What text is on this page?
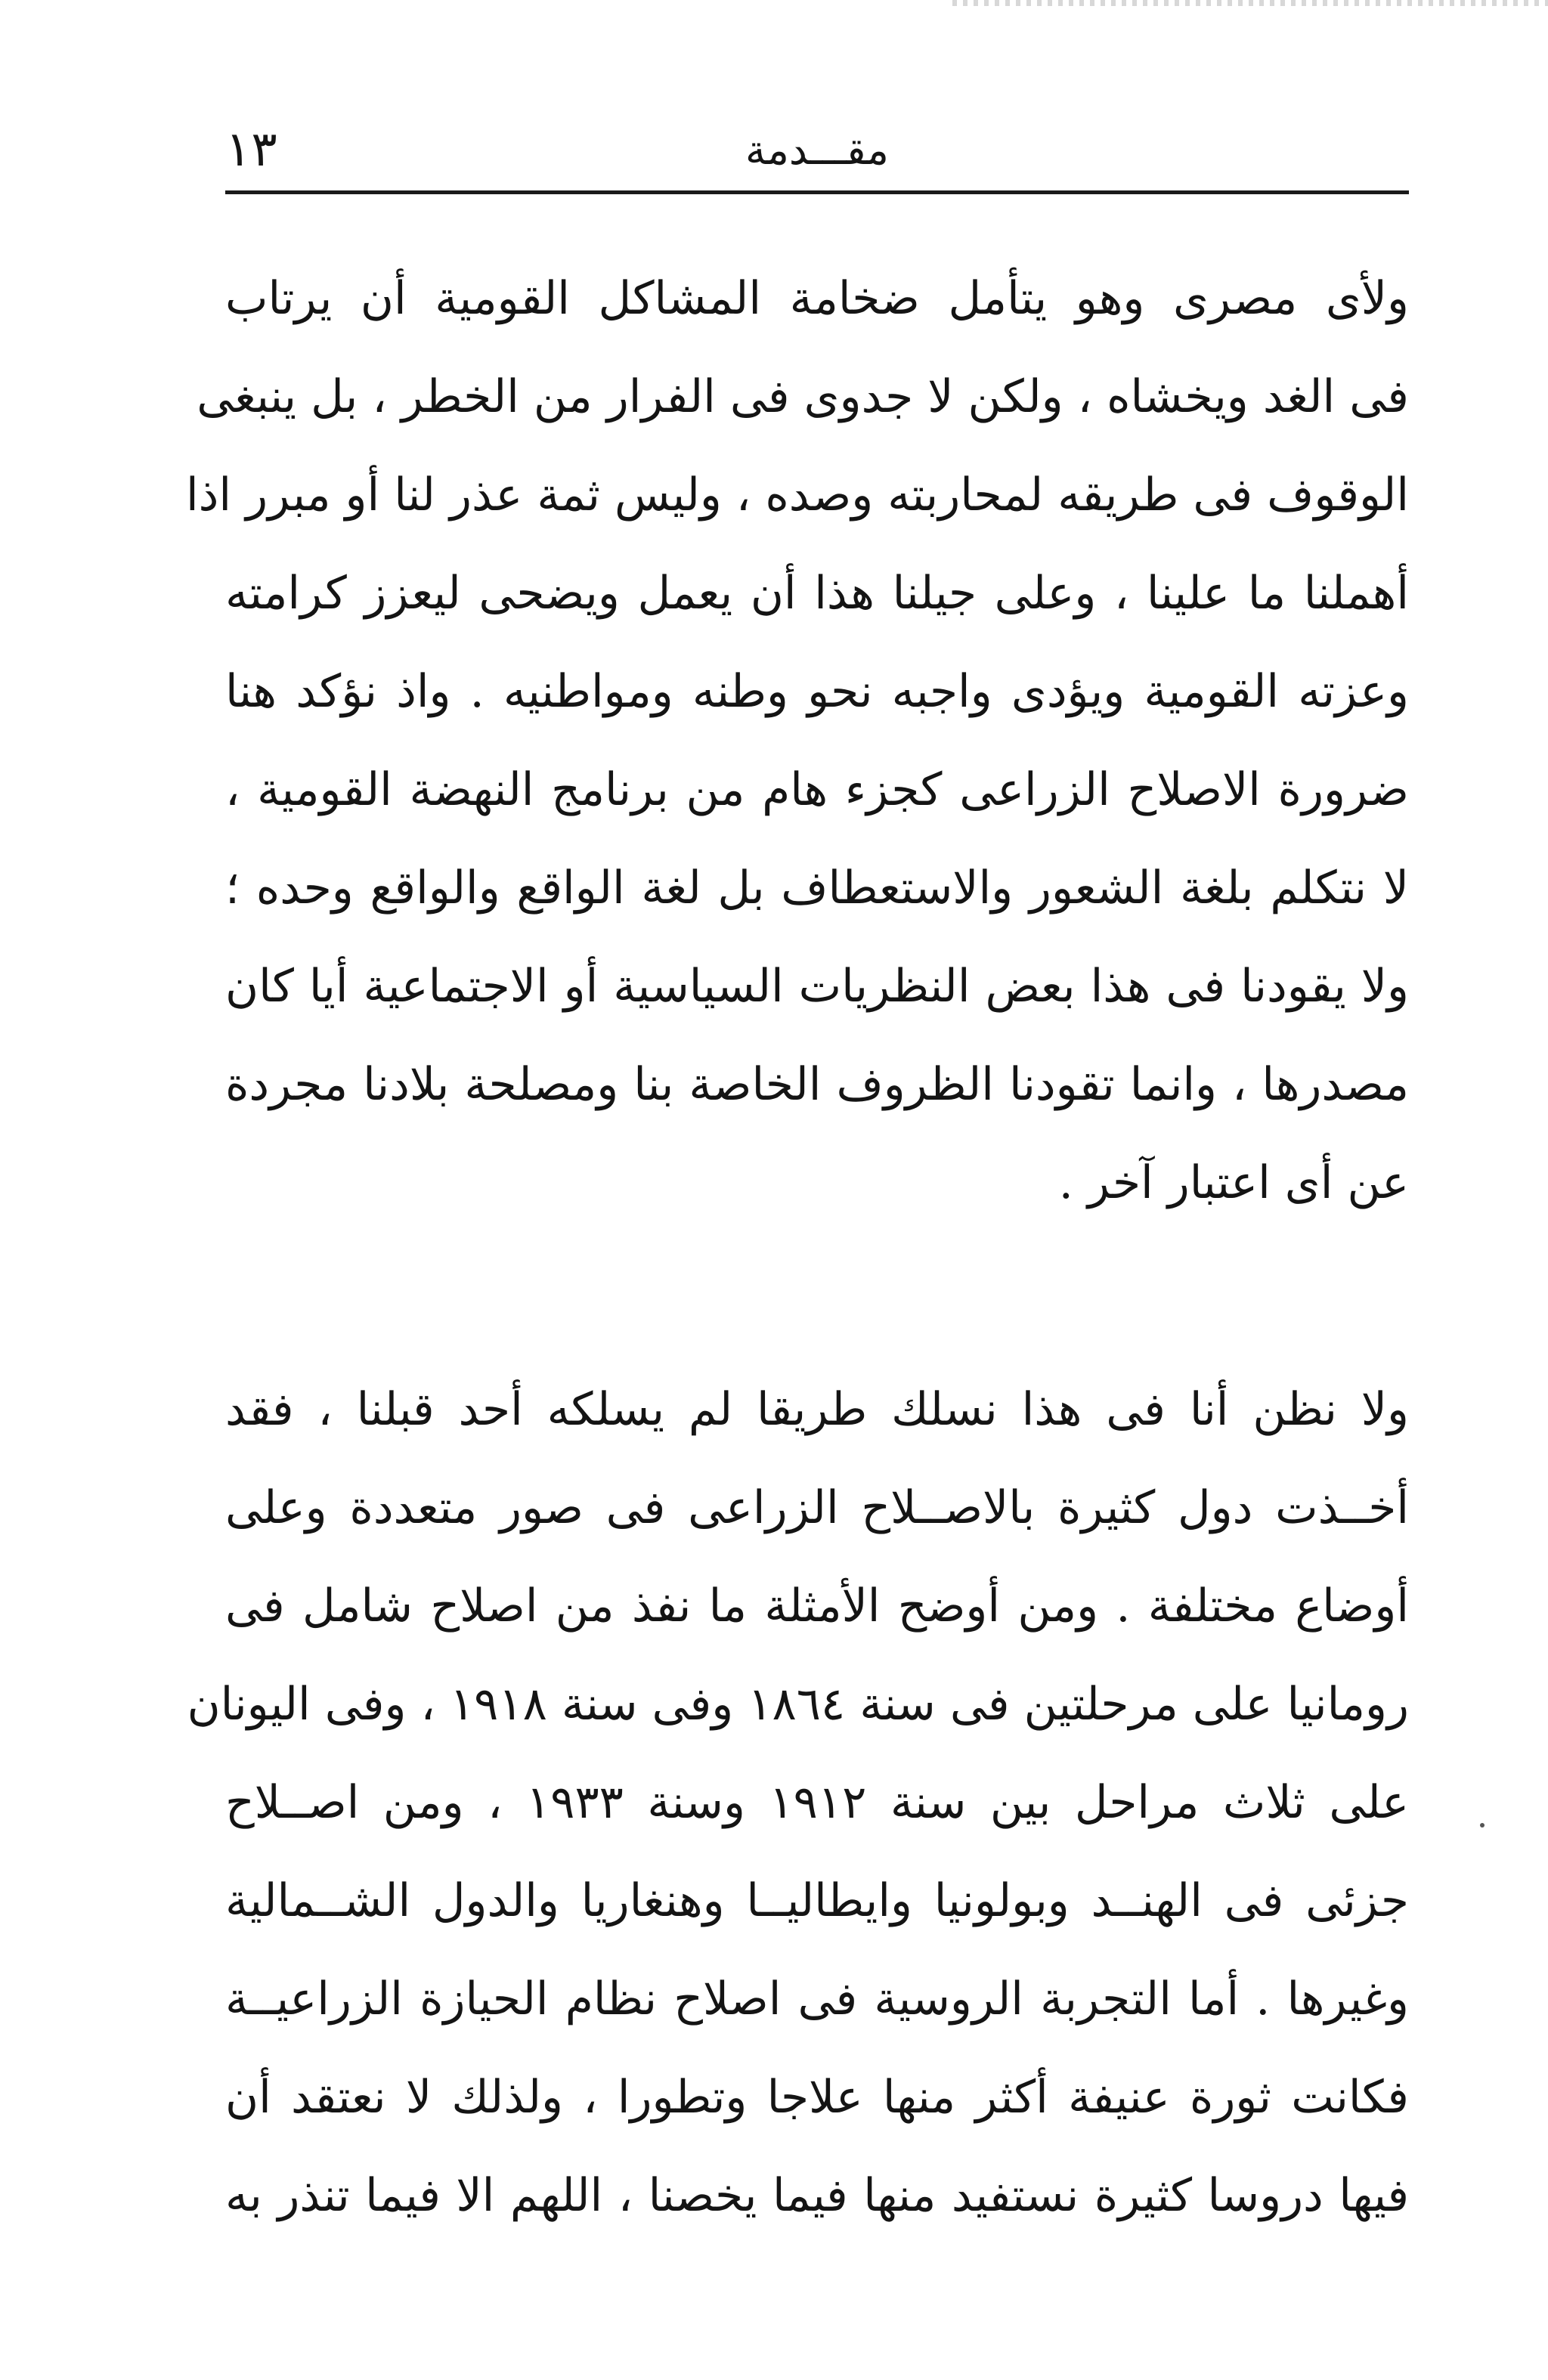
١٣	مقـــدمة
ولأى مصرى وهو يتأمل ضخامة المشاكل القومية أن يرتاب
فى الغد ويخشاه ، ولكن لا جدوى فى الفرار من الخطر ، بل ينبغى
الوقوف فى طريقه لمحاربته وصده ، وليس ثمة عذر لنا أو مبرر اذا
أهملنا ما علينا ، وعلى جيلنا هذا أن يعمل ويضحى ليعزز كرامته
وعزته القومية ويؤدى واجبه نحو وطنه ومواطنيه . واذ نؤكد هنا
ضرورة الاصلاح الزراعى كجزء هام من برنامج النهضة القومية ،
لا نتكلم بلغة الشعور والاستعطاف بل لغة الواقع والواقع وحده ؛
ولا يقودنا فى هذا بعض النظريات السياسية أو الاجتماعية أيا كان
مصدرها ، وانما تقودنا الظروف الخاصة بنا ومصلحة بلادنا مجردة
عن أى اعتبار آخر .
ولا نظن أنا فى هذا نسلك طريقا لم يسلكه أحد قبلنا ، فقد
أخــذت دول كثيرة بالاصــلاح الزراعى فى صور متعددة وعلى
أوضاع مختلفة . ومن أوضح الأمثلة ما نفذ من اصلاح شامل فى
رومانيا على مرحلتين فى سنة ١٨٦٤ وفى سنة ١٩١٨ ، وفى اليونان
على ثلاث مراحل بين سنة ١٩١٢ وسنة ١٩٣٣ ، ومن اصــلاح
جزئى فى الهنــد وبولونيا وايطاليــا وهنغاريا والدول الشــمالية
وغيرها . أما التجربة الروسية فى اصلاح نظام الحيازة الزراعيــة
فكانت ثورة عنيفة أكثر منها علاجا وتطورا ، ولذلك لا نعتقد أن
فيها دروسا كثيرة نستفيد منها فيما يخصنا ، اللهم الا فيما تنذر به
